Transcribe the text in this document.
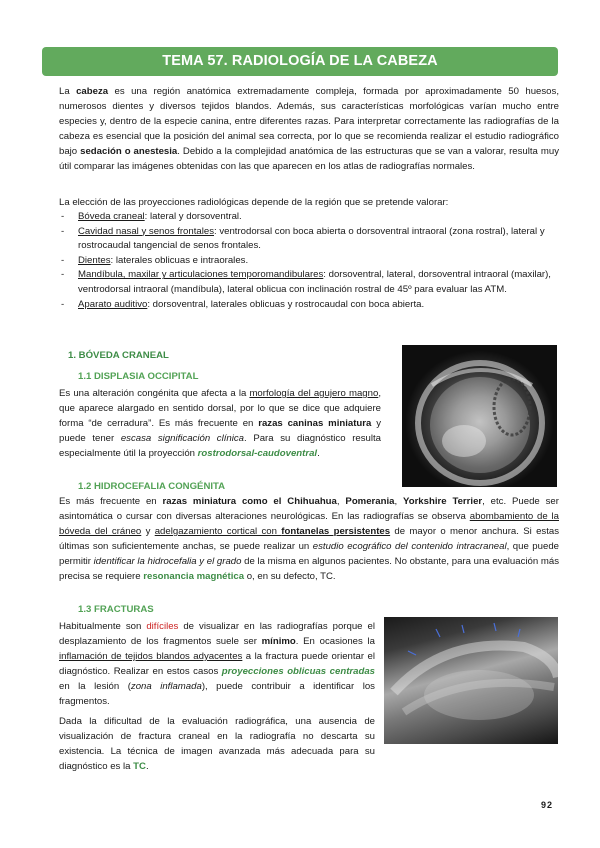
TEMA 57. RADIOLOGÍA DE LA CABEZA

La cabeza es una región anatómica extremadamente compleja, formada por aproximadamente 50 huesos, numerosos dientes y diversos tejidos blandos. Además, sus características morfológicas varían mucho entre especies y, dentro de la especie canina, entre diferentes razas. Para interpretar correctamente las radiografías de la cabeza es esencial que la posición del animal sea correcta, por lo que se recomienda realizar el estudio radiográfico bajo sedación o anestesia. Debido a la complejidad anatómica de las estructuras que se van a valorar, resulta muy útil comparar las imágenes obtenidas con las que aparecen en los atlas de radiografías normales.

La elección de las proyecciones radiológicas depende de la región que se pretende valorar:

- Bóveda craneal: lateral y dorsoventral.
- Cavidad nasal y senos frontales: ventrodorsal con boca abierta o dorsoventral intraoral (zona rostral), lateral y rostrocaudal tangencial de senos frontales.
- Dientes: laterales oblicuas e intraorales.
- Mandíbula, maxilar y articulaciones temporomandibulares: dorsoventral, lateral, dorsoventral intraoral (maxilar), ventrodorsal intraoral (mandíbula), lateral oblicua con inclinación rostral de 45º para evaluar las ATM.
- Aparato auditivo: dorsoventral, laterales oblicuas y rostrocaudal con boca abierta.
1. BÓVEDA CRANEAL
1.1 DISPLASIA OCCIPITAL

Es una alteración congénita que afecta a la morfología del agujero magno, que aparece alargado en sentido dorsal, por lo que se dice que adquiere forma “de cerradura”. Es más frecuente en razas caninas miniatura y puede tener escasa significación clínica. Para su diagnóstico resulta especialmente útil la proyección rostrodorsal-caudoventral.

1.2 HIDROCEFALIA CONGÉNITA

Es más frecuente en razas miniatura como el Chihuahua, Pomerania, Yorkshire Terrier, etc. Puede ser asintomática o cursar con diversas alteraciones neurológicas. En las radiografías se observa abombamiento de la bóveda del cráneo y adelgazamiento cortical con fontanelas persistentes de mayor o menor anchura. Si estas últimas son suficientemente anchas, se puede realizar un estudio ecográfico del contenido intracraneal, que puede permitir identificar la hidrocefalia y el grado de la misma en algunos pacientes. No obstante, para una evaluación más precisa se requiere resonancia magnética o, en su defecto, TC.

1.3 FRACTURAS

Habitualmente son difíciles de visualizar en las radiografías porque el desplazamiento de los fragmentos suele ser mínimo. En ocasiones la inflamación de tejidos blandos adyacentes a la fractura puede orientar el diagnóstico. Realizar en estos casos proyecciones oblicuas centradas en la lesión (zona inflamada), puede contribuir a identificar los fragmentos.

Dada la dificultad de la evaluación radiográfica, una ausencia de visualización de fractura craneal en la radiografía no descarta su existencia. La técnica de imagen avanzada más adecuada para su diagnóstico es la TC.

92
